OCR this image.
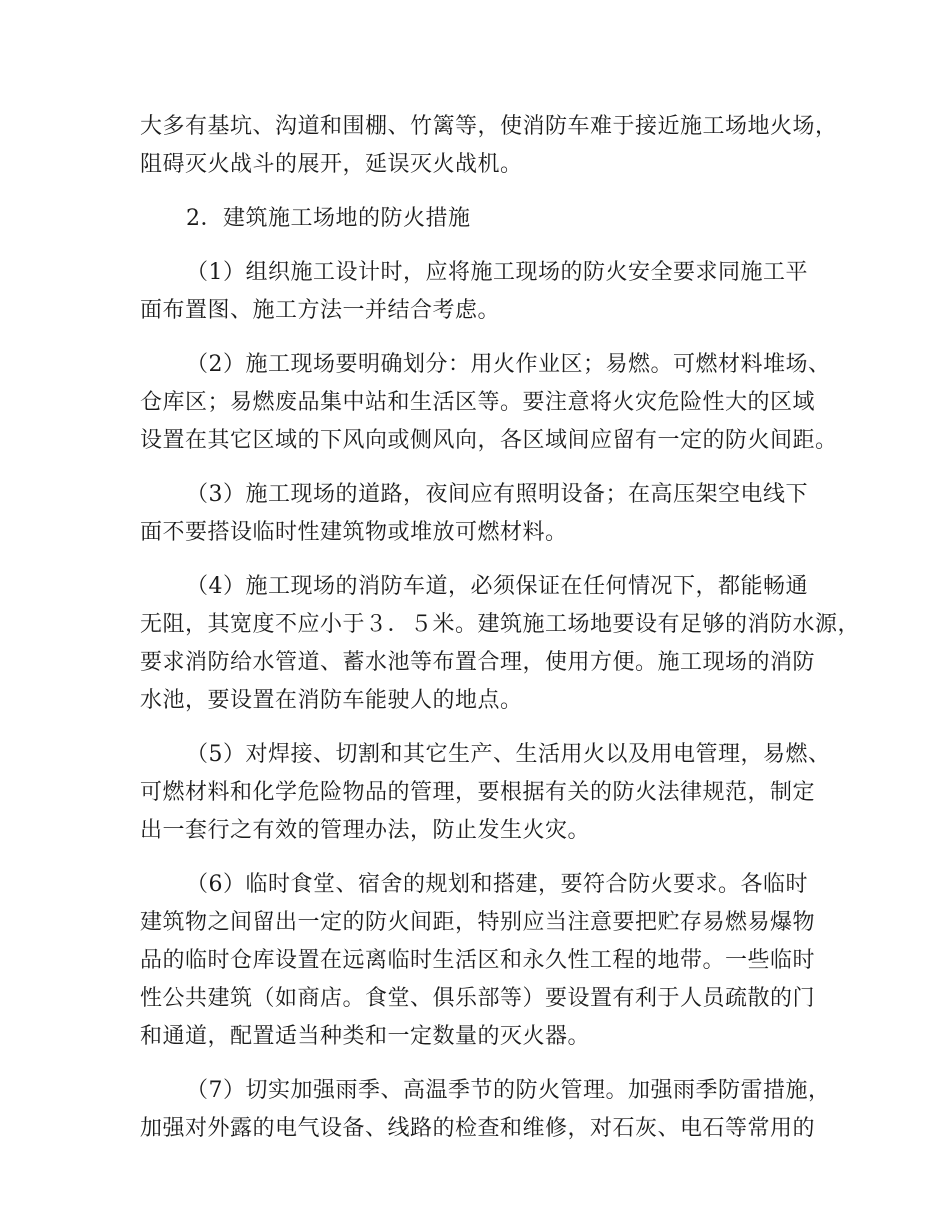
大多有基坑、沟道和围棚、竹篱等，使消防车难于接近施工场地火场，

阻碍灭火战斗的展开，延误灭火战机。

2．建筑施工场地的防火措施

（1）组织施工设计时，应将施工现场的防火安全要求同施工平

面布置图、施工方法一并结合考虑。

（2）施工现场要明确划分：用火作业区；易燃。可燃材料堆场、

仓库区；易燃废品集中站和生活区等。要注意将火灾危险性大的区域

设置在其它区域的下风向或侧风向，各区域间应留有一定的防火间距。

（3）施工现场的道路，夜间应有照明设备；在高压架空电线下

面不要搭设临时性建筑物或堆放可燃材料。

（4）施工现场的消防车道，必须保证在任何情况下，都能畅通

无阻，其宽度不应小于３．５米。建筑施工场地要设有足够的消防水源，

要求消防给水管道、蓄水池等布置合理，使用方便。施工现场的消防

水池，要设置在消防车能驶人的地点。

（5）对焊接、切割和其它生产、生活用火以及用电管理，易燃、

可燃材料和化学危险物品的管理，要根据有关的防火法律规范，制定

出一套行之有效的管理办法，防止发生火灾。

（6）临时食堂、宿舍的规划和搭建，要符合防火要求。各临时

建筑物之间留出一定的防火间距，特别应当注意要把贮存易燃易爆物

品的临时仓库设置在远离临时生活区和永久性工程的地带。一些临时

性公共建筑（如商店。食堂、俱乐部等）要设置有利于人员疏散的门

和通道，配置适当种类和一定数量的灭火器。

（7）切实加强雨季、高温季节的防火管理。加强雨季防雷措施，

加强对外露的电气设备、线路的检查和维修，对石灰、电石等常用的
